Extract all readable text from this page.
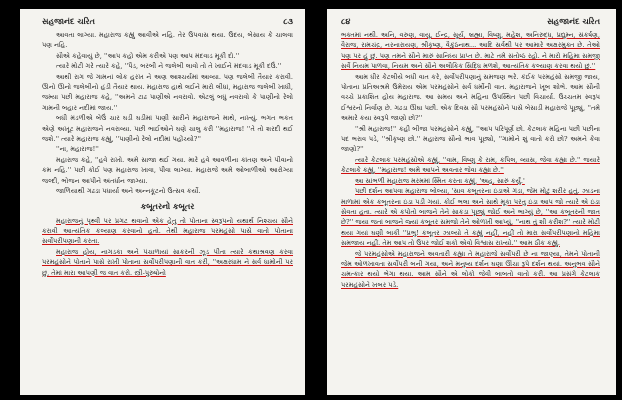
સહજાનંદ ચરિત	૮૩

આવતા લાગ્યા. મહારાજ કહ્યું આવીએ નહિ. તેર ઉપવાસ થયા. ઉદય, બેસાય કે ચાલવા પણ નહિ.

સૌએ કહેવાયું છે, ''આપ કહો એમ કરીએ પણ આપ મંદવાડ મૂકી દો.''

ત્યારે મોટી ગરે ત્યારે કહે, ''પૈડ, બરબી ને જલેબી લાવો તો તે ખાઈને મંદવાડ મૂકી દઉં.''

આથી રાગ જે ગામનાં લોક હરખ ને અણ આશ્ચર્યમાં આવ્યા. પણ જલેબી તૈયાર કરાવી. ઊનો ઊનો જલેબીનો હંડી તૈયાર થાય. મહારાજ હાથે લઈને મારો લીધાં, મહારાજ જલેબી ખાધી, જમ્યા પછી મહારાજ કહે, ''અમને ટાઢ પાણીએ નવરાવો. એટલું બધું નવરાવો કે પાણીનો રેલો ગામની બહાર નદીમાં જાય.''

બધી મંડળીએ બેઉં ચાર ઘડી ઘડીમાં પાણી સારીને મહારાજને માથે, નાખ્યું. ભગત ભકત એણે અખૂટ મહારાજને નવરાવ્યા. પછી ભાઈઓને ઘણે ચાલુ કરી ''મહારાજ! ''તે તો શરદી થઈ જશે.'' ત્યારે મહારાજ કહ્યું, ''પાણીનો રેલો નદીમાં પહોંચ્યો?''

''ના, મહારાજ!''

મહારાજ કહે, ''હવે રાખો. અમે સાજા થઈ ગયા. મારે હવે આવળીના કાંતણ અને પીવાનો કમ નહિ.'' પછી કોઈ પણ મહારાજ ખાવા, પીવા લાગ્યા. મહારાજે અમે ઓબાળીઓ આરોગ્યા જલ્દી, ભોજન આપીને અંતર્ધાન જાગ્યા.

જાળિયાથી ગઢડા પધાર્યા અને અન્નકૂટનો ઉત્સવ કર્યો.

કબૂતરનો કબૂતર

મહારાજનું પૃથ્વી પર પ્રગટ થવાનો એક હેતુ તો પોતાના સ્વરૂપનો યથાર્થ નિશ્ચય સૌને કરાવી આત્યંતિક કલ્યાણ કરવાનો હતો. તેથી મહારાજ પરમહંસો પાસે વાતો પોતાના સર્વોપરીપણાની કરતા.

મહારાજ હોય, નાગડકા અને પંચાળાયાં સાકરની ઝૂડ પીતા ત્યારે કથાશ્રવણ કરવા પરમહંસોને પોતાને પાસે રાખી પોતાના સર્વોપરીપણાની વાત કરી, ''અક્ષરધામ ને સર્વ ધામોની પર છું, તેમાં મારા આપણી જ વાત કરો. સ્ત્રી-પુરુષોનો

૮૪	સહજાનંદ ચરિત

ભક્તમાં નથી. અનિ, વરુણ, વાયુ, ઈન્દ્ર, સૂર્ય, બ્રહ્મા, વિષ્ણુ, મહેશ, અનિરુદ્ધ, પ્રદ્યુમ્ન, સંકર્ષણ, વૈરાજ, રામચંદ્ર, નરનારાયણ, શ્રીકૃષ્ણ, વૈકુંઠનાથ... આદિ સર્વથી પર આમારે અક્ષરમુક્ત છે. તેઓ પણ પર હું છું. પણ તમને સૌને મારું સાનિધ્ય પ્રાપ્ત છે. માટે તમે સંતોષ્ઠ રહો. ને મારો મહિમા સમજી સર્વે નિયમ પાળવા, નિયમ અને સૌને અલૌકિક સિદ્ધિ મળશે, આત્યંતિક કલ્યાણ કરવા થયો છું.''

આમ ધીર કેટલીયે બધી વાત કરે, સર્વોપરીપણાનું સમજણ ભરે. કંઈક પરમહંસો સમજી જાય, પોતાના પ્રતિઅશ્રમે ઉમેરાય એમ પરમહંસોને સર્વ ધર્મોની વાત. મહારાજને ખૂબ શોભે. આમ સૌની વચ્ચે પ્રકાશિત હોય મહારાજ. આ સમય અને મહિના ઉપસ્થિત પછી વિચાર્યા. ઉચ્ચતમ સ્વરૂપ ઈશ્વરનો નિર્વાણ છે. ગઢડા ઊંઘા પછી. એક દિવસ સૌ પરમહંસોને પાસે બેસાડી મહારાજે પૂછ્યું, ''તમે અમારે કયા સ્વરૂપે જાણો છો?''

''શ્રી મહારાજ!'' કહી બીજા પરમહંસોને કહ્યું, ''આપ પરિપૂર્ણ છો. કેટલાક મહિના પછી પછીના પદ ભરાવ પડે, ''શ્રીકૃષ્ણ છો.'' મહારાજ સૌનો ભાવ પૂછ્યો, ''ગામોને શું વાતો કરો છો? અમને કેવા જાણો?''

ત્યારે કેટલાક પરમહંસોએ કહ્યું, ''વામ, વિષ્ણુ કે રામ, કપિલ, વ્યાસ, જેવા કહ્યા છે.'' જયારે કેટલાકે કહ્યું, ''મહારાજ! અમે આપને અવતાર જેવા કહ્યા છે.''

આ સાંભળી મહારાજ મરમમાં સ્મિત કરતા કહ્યું, 'અહ, સારું કર્યું.'

પછી દર્શન આપવા મહારાજ બોલ્યા, 'સાવ કબૂતરના ઇંડાએ ગંડા, જેમ મોટું શરીર હતું. ઝાડના માળામાં એક કબૂતરના ઇંડા પડી ગયાં. કોઈ ભલા અને સાથે મૂકા પરંતુ ઇંડા આપ જો ત્યારે એ ઇંડા સેવતા હતા. ત્યારે એ કપોતો બાજને તેને સાકડા પૂછ્યું જોઈ અને ભાગ્યું છે, ''આ કબૂતરની જાત છે?'' જયા જતાં બાજને જ્યાં કબૂતર સમજો તેને ઓળખી આપ્યું, ''નાથ તું શી કરીશ?'' ત્યારે મોટી થયા ગયાં ઘણી બાકી ''પ્રભુ! કબૂતર ઝાલ્યો તે કહ્યું નહીં, નહીં તો મારા સર્વોપરીપણાનો મહિમા સમજાય નહીં. તેમ આપ તો ઉપર જોઈ શકો એવો વિશ્વાસ રાખ્યો.'' આમ ઠીક કહ્યું.

જે પરમહંસોએ મહારાજને અવતારી કહ્યા તે મહારાજે સર્વોપરી છે ના જાણ્યા, તેમને પોતાની જેમ ઓળખાવતા સર્વોપરી બની ગયા, અને મનુષ્ય દર્શન ઘણા ઊંચા રૂપે દર્શન થયાં. અનુભવ સૌને ચમત્કાર થયો ભેગા થયા. આમ સૌને એ લોકો જેવી બાબતો વાતો કરી. આ પ્રસંગે કેટલાક પરમહંસોને ખબર પડે.
